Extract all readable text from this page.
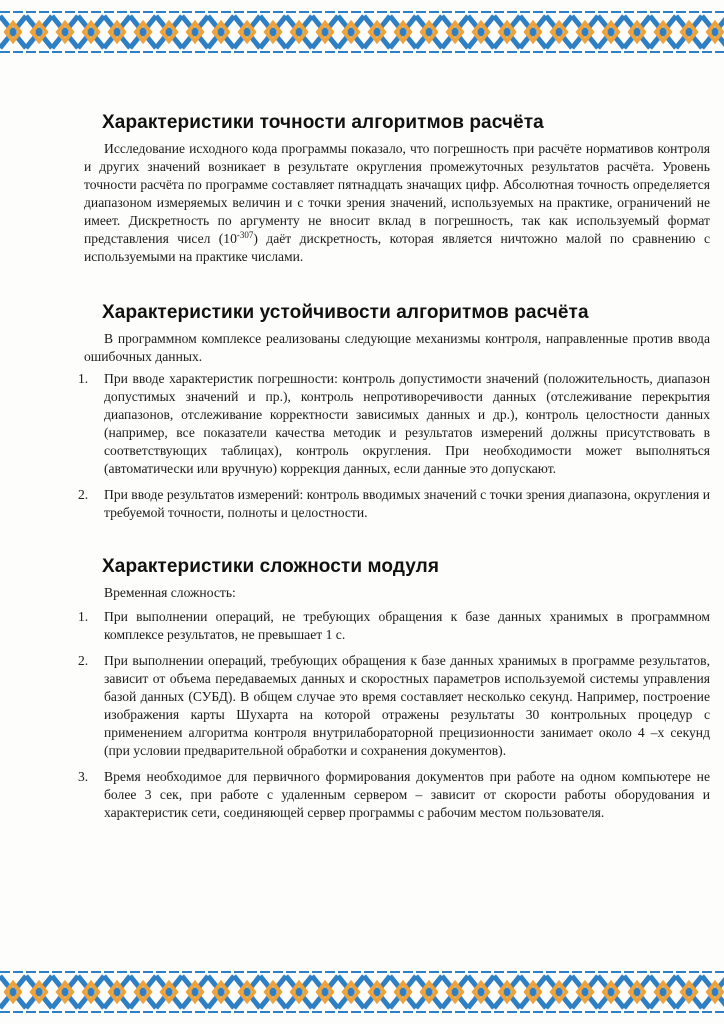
Характеристики точности алгоритмов расчёта

Исследование исходного кода программы показало, что погрешность при расчёте нормативов контроля и других значений возникает в результате округления промежуточных результатов расчёта. Уровень точности расчёта по программе составляет пятнадцать значащих цифр. Абсолютная точность определяется диапазоном измеряемых величин и с точки зрения значений, используемых на практике, ограничений не имеет. Дискретность по аргументу не вносит вклад в погрешность, так как используемый формат представления чисел $(10^{-307})$ даёт дискретность, которая является ничтожно малой по сравнению с используемыми на практике числами.

Характеристики устойчивости алгоритмов расчёта

В программном комплексе реализованы следующие механизмы контроля, направленные против ввода ошибочных данных.

1. При вводе характеристик погрешности: контроль допустимости значений (положительность, диапазон допустимых значений и пр.), контроль непротиворечивости данных (отслеживание перекрытия диапазонов, отслеживание корректности зависимых данных и др.), контроль целостности данных (например, все показатели качества методик и результатов измерений должны присутствовать в соответствующих таблицах), контроль округления. При необходимости может выполняться (автоматически или вручную) коррекция данных, если данные это допускают.
2. При вводе результатов измерений: контроль вводимых значений с точки зрения диапазона, округления и требуемой точности, полноты и целостности.
Характеристики сложности модуля

Временная сложность:

1. При выполнении операций, не требующих обращения к базе данных хранимых в программном комплексе результатов, не превышает 1 с.
2. При выполнении операций, требующих обращения к базе данных хранимых в программе результатов, зависит от объема передаваемых данных и скоростных параметров используемой системы управления базой данных (СУБД). В общем случае это время составляет несколько секунд. Например, построение изображения карты Шухарта на которой отражены результаты 30 контрольных процедур с применением алгоритма контроля внутрилабораторной прецизионности занимает около 4 –х секунд (при условии предварительной обработки и сохранения документов).
3. Время необходимое для первичного формирования документов при работе на одном компьютере не более 3 сек, при работе с удаленным сервером – зависит от скорости работы оборудования и характеристик сети, соединяющей сервер программы с рабочим местом пользователя.
